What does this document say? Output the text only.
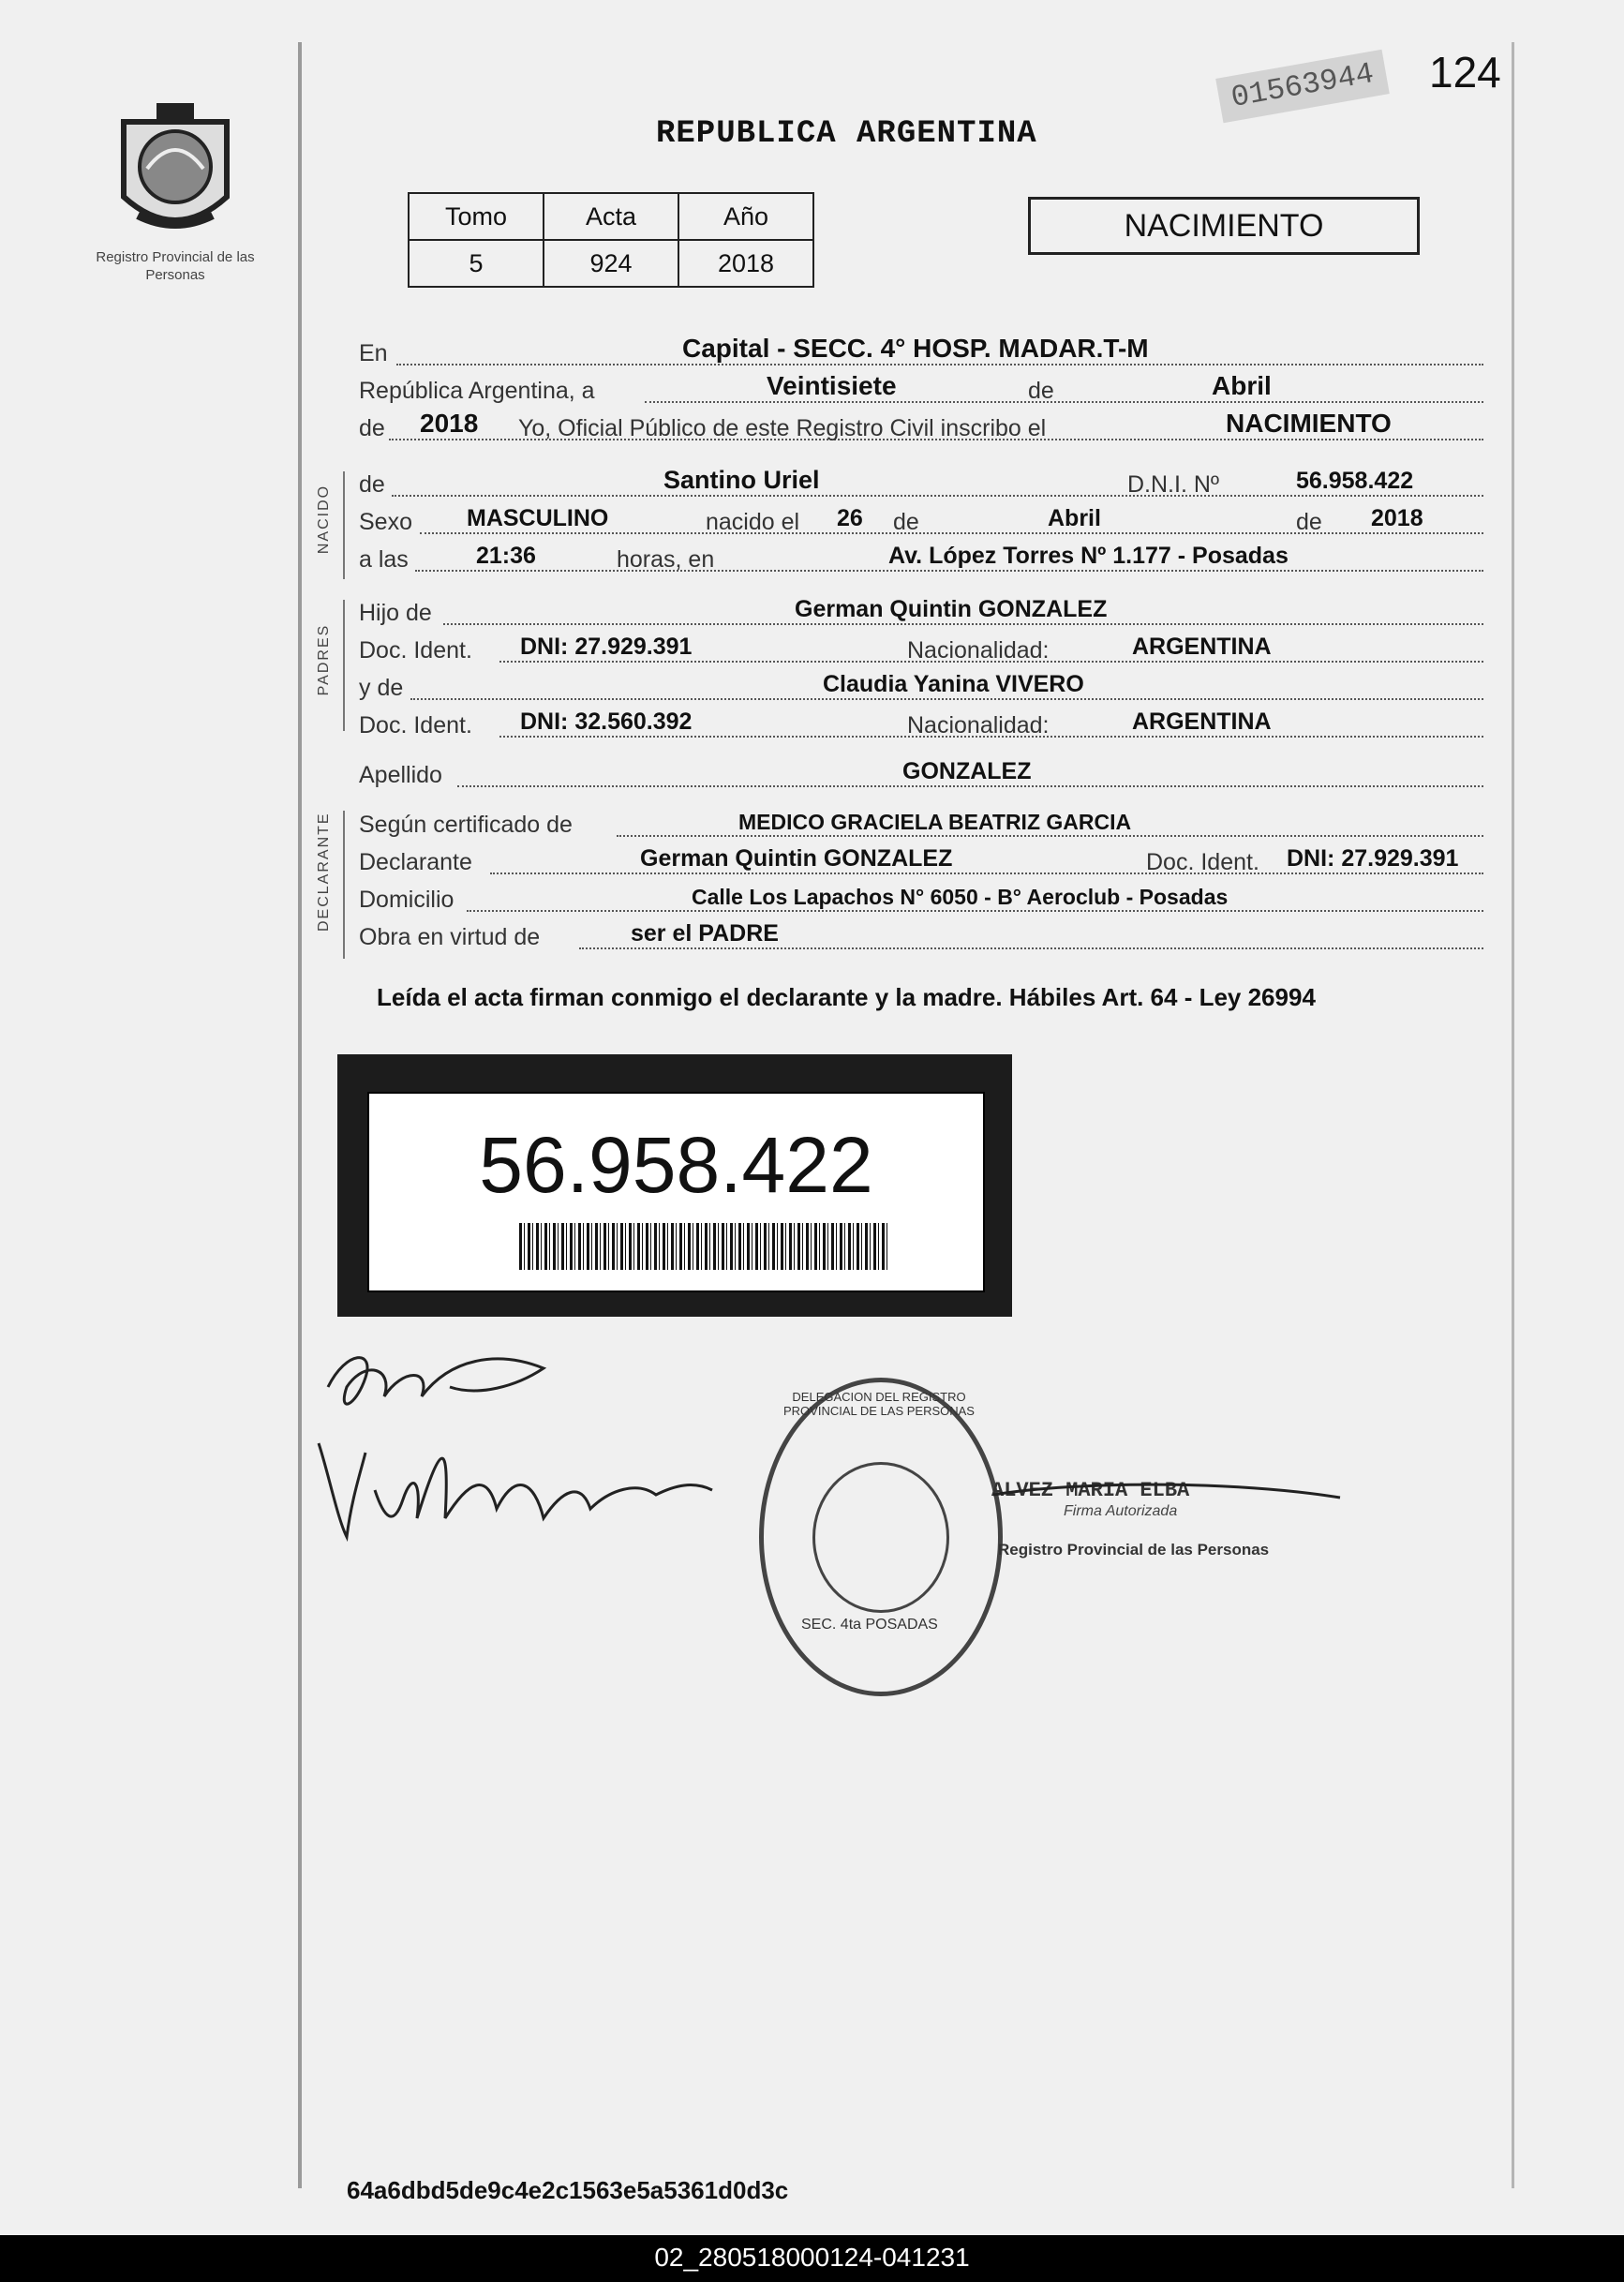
124
01563944
Registro Provincial de las Personas
REPUBLICA ARGENTINA
Tomo	Acta	Año
5	924	2018
NACIMIENTO
En	Capital - SECC. 4° HOSP. MADAR.T-M
República Argentina, a	Veintisiete	de	Abril
de 2018 Yo, Oficial Público de este Registro Civil inscribo el	NACIMIENTO
NACIDO de	Santino Uriel	D.N.I. Nº	56.958.422
Sexo MASCULINO	nacido el 26 de	Abril	de 2018
a las	21:36	horas, en	Av. López Torres Nº 1.177 - Posadas
PADRES
Hijo de	German Quintin GONZALEZ
Doc. Ident. DNI: 27.929.391	Nacionalidad:	ARGENTINA
y de	Claudia Yanina VIVERO
Doc. Ident. DNI: 32.560.392	Nacionalidad:	ARGENTINA
Apellido	GONZALEZ
DECLARANTE Según certificado de	MEDICO GRACIELA BEATRIZ GARCIA
Declarante	German Quintin GONZALEZ	Doc. Ident. DNI: 27.929.391
Domicilio	Calle Los Lapachos N° 6050 - B° Aeroclub - Posadas
Obra en virtud de	ser el PADRE
Leída el acta firman conmigo el declarante y la madre. Hábiles Art. 64 - Ley 26994
56.958.422
DELEGACION DEL REGISTRO PROVINCIAL DE LAS PERSONAS
SEC. 4ta POSADAS
ALVEZ MARIA ELBA
Firma Autorizada
Registro Provincial de las Personas
64a6dbd5de9c4e2c1563e5a5361d0d3c
02_280518000124-041231
